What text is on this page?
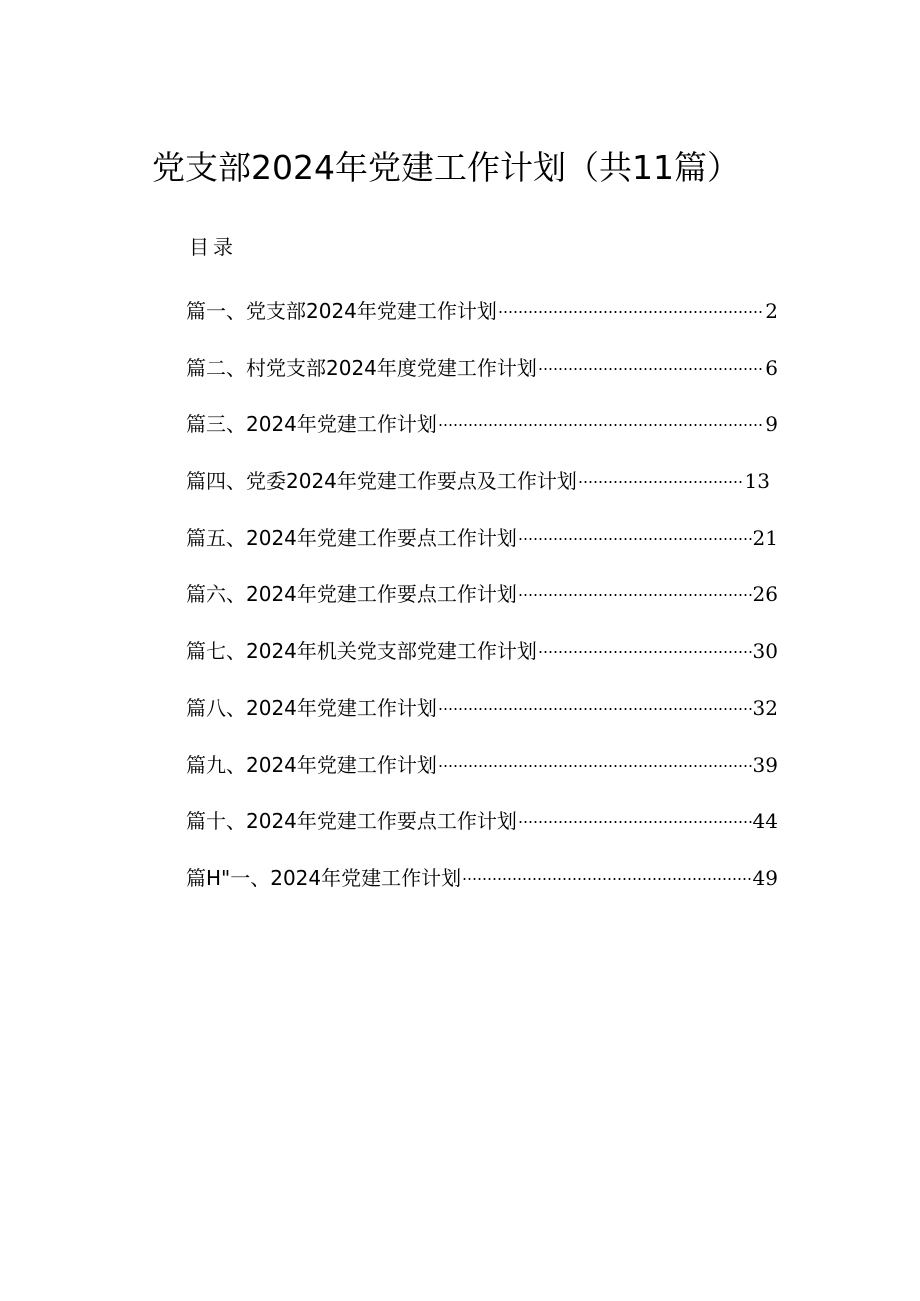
党支部2024年党建工作计划（共11篇）
目录
篇一、党支部2024年党建工作计划	2
篇二、村党支部2024年度党建工作计划	6
篇三、2024年党建工作计划	9
篇四、党委2024年党建工作要点及工作计划	13
篇五、2024年党建工作要点工作计划	21
篇六、2024年党建工作要点工作计划	26
篇七、2024年机关党支部党建工作计划	30
篇八、2024年党建工作计划	32
篇九、2024年党建工作计划	39
篇十、2024年党建工作要点工作计划	44
篇H"一、2024年党建工作计划	49
